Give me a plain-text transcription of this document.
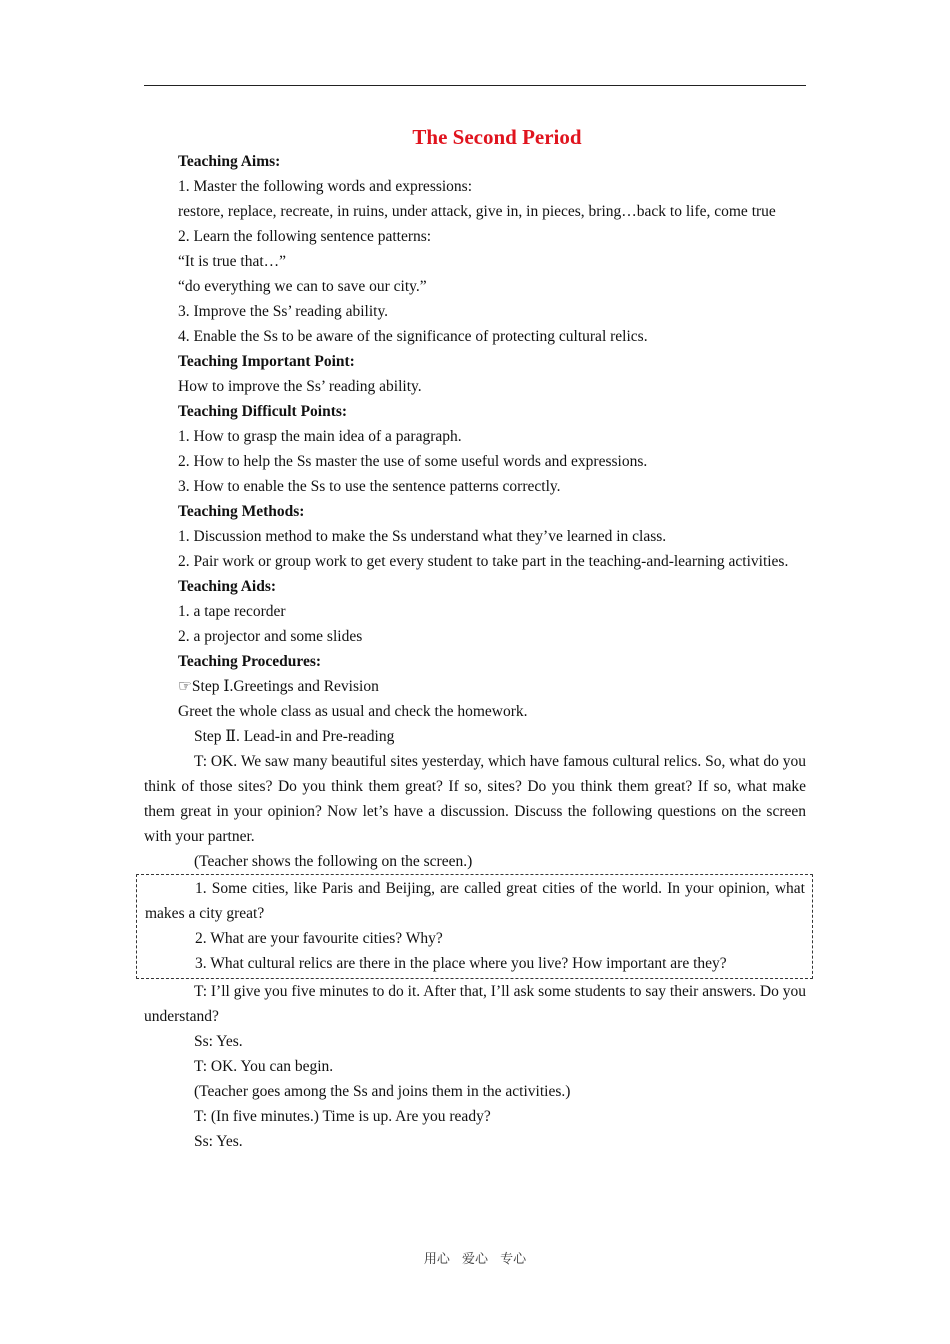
The Second Period

Teaching Aims:

1. Master the following words and expressions:

restore, replace, recreate, in ruins, under attack, give in, in pieces, bring…back to life, come true

2. Learn the following sentence patterns:

“It is true that…”

“do everything we can to save our city.”

3. Improve the Ss’ reading ability.

4. Enable the Ss to be aware of the significance of protecting cultural relics.

Teaching Important Point:

How to improve the Ss’ reading ability.

Teaching Difficult Points:

1. How to grasp the main idea of a paragraph.

2. How to help the Ss master the use of some useful words and expressions.

3. How to enable the Ss to use the sentence patterns correctly.

Teaching Methods:

1. Discussion method to make the Ss understand what they’ve learned in class.

2. Pair work or group work to get every student to take part in the teaching-and-learning activities.

Teaching Aids:

1. a tape recorder

2. a projector and some slides

Teaching Procedures:

☞Step Ⅰ.Greetings and Revision

Greet the whole class as usual and check the homework.

Step Ⅱ. Lead-in and Pre-reading

T: OK. We saw many beautiful sites yesterday, which have famous cultural relics. So, what do you think of those sites? Do you think them great? If so, sites? Do you think them great? If so, what make them great in your opinion? Now let’s have a discussion. Discuss the following questions on the screen with your partner.

(Teacher shows the following on the screen.)

1. Some cities, like Paris and Beijing, are called great cities of the world. In your opinion, what makes a city great?

2. What are your favourite cities? Why?

3. What cultural relics are there in the place where you live? How important are they?

T: I’ll give you five minutes to do it. After that, I’ll ask some students to say their answers. Do you understand?

Ss: Yes.

T: OK. You can begin.

(Teacher goes among the Ss and joins them in the activities.)

T: (In five minutes.) Time is up. Are you ready?

Ss: Yes.

用心 爱心 专心
